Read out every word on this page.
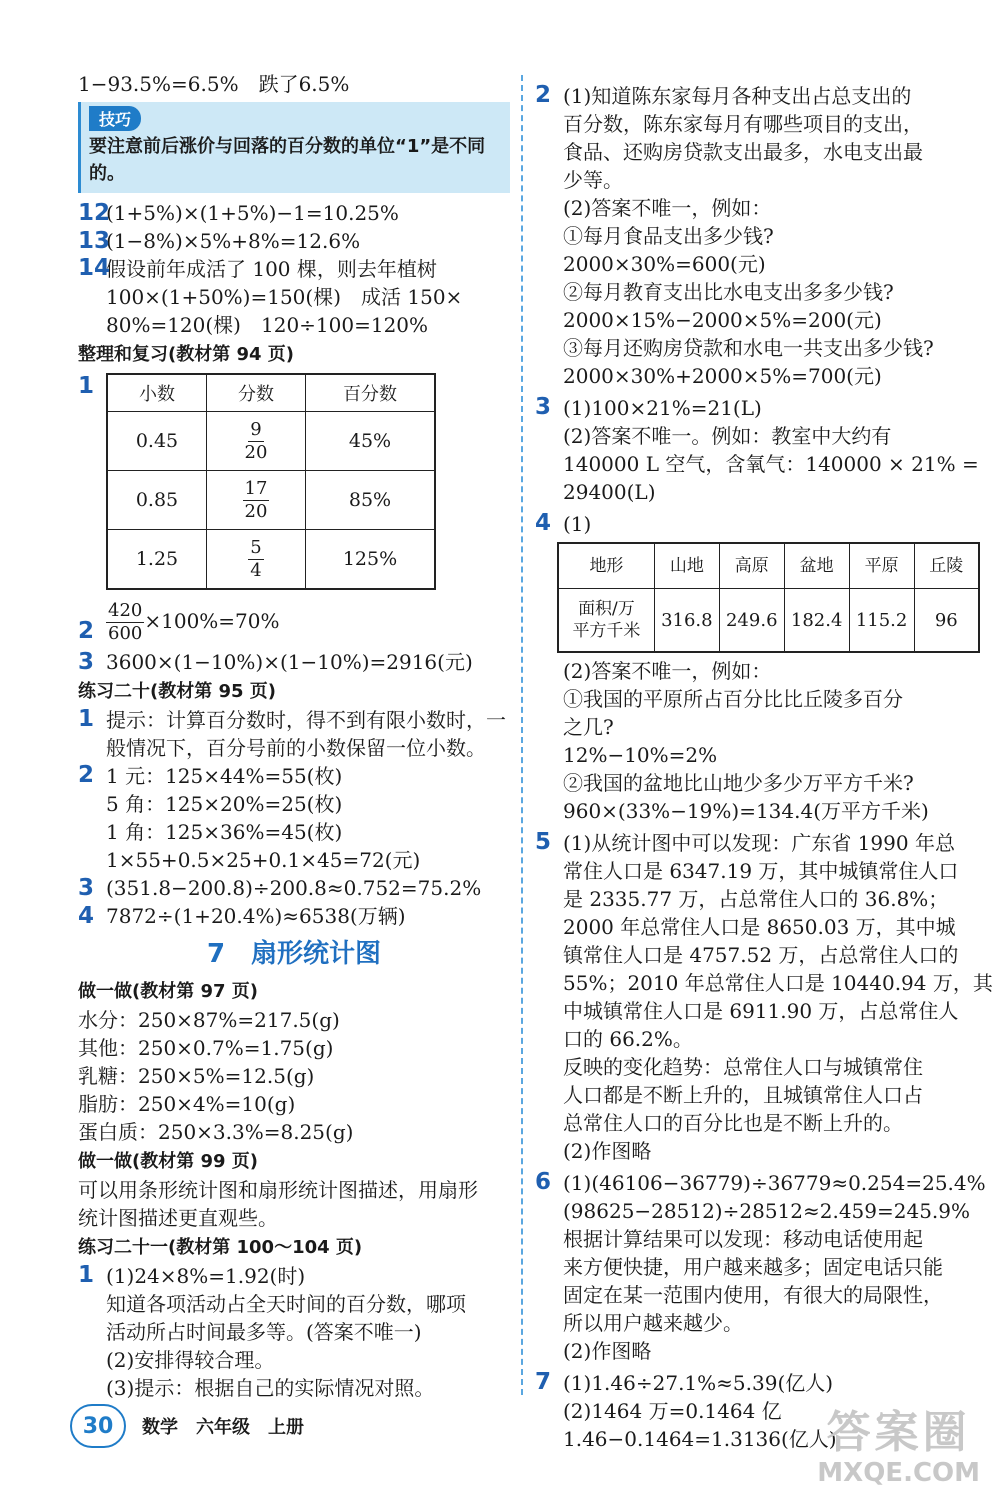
1−93.5%=6.5%　跌了6.5%
技巧
要注意前后涨价与回落的百分数的单位“1”是不同的。
12
(1+5%)×(1+5%)−1=10.25%
13
(1−8%)×5%+8%=12.6%
14
假设前年成活了 100 棵，则去年植树
100×(1+50%)=150(棵)　成活 150×
80%=120(棵)　120÷100=120%
整理和复习(教材第 94 页)
1 小数	分数	百分数
0.45	$\frac{9}{20}$	45%
0.85	$\frac{17}{20}$	85%
1.25	$\frac{5}{4}$	125%
$2 \frac{420}{600} \times 100\%=70\%$
3 3600×(1−10%)×(1−10%)=2916(元)
练习二十(教材第 95 页)
1 提示：计算百分数时，得不到有限小数时，一
般情况下，百分号前的小数保留一位小数。
2 1 元：125×44%=55(枚)
5 角：125×20%=25(枚)
1 角：125×36%=45(枚)
1×55+0.5×25+0.1×45=72(元)
3 (351.8−200.8)÷200.8≈0.752=75.2%
4 7872÷(1+20.4%)≈6538(万辆)
7　扇形统计图
做一做(教材第 97 页)
水分：250×87%=217.5(g)
其他：250×0.7%=1.75(g)
乳糖：250×5%=12.5(g)
脂肪：250×4%=10(g)
蛋白质：250×3.3%=8.25(g)
做一做(教材第 99 页)
可以用条形统计图和扇形统计图描述，用扇形
统计图描述更直观些。
练习二十一(教材第 100～104 页)
1 (1)24×8%=1.92(时)
知道各项活动占全天时间的百分数，哪项
活动所占时间最多等。(答案不唯一)
(2)安排得较合理。
(3)提示：根据自己的实际情况对照。
2 (1)知道陈东家每月各种支出占总支出的
百分数，陈东家每月有哪些项目的支出，
食品、还购房贷款支出最多，水电支出最
少等。
(2)答案不唯一，例如：
①每月食品支出多少钱?
2000×30%=600(元)
②每月教育支出比水电支出多多少钱?
2000×15%−2000×5%=200(元)
③每月还购房贷款和水电一共支出多少钱?
2000×30%+2000×5%=700(元)
3 (1)100×21%=21(L)
(2)答案不唯一。例如：教室中大约有
140000 L 空气，含氧气：140000 × 21% =
29400(L)
4 (1)
地形	山地	高原	盆地	平原	丘陵

面积/万
平方千米	316.8	249.6	182.4	115.2	96
(2)答案不唯一，例如：
①我国的平原所占百分比比丘陵多百分
之几?
12%−10%=2%
②我国的盆地比山地少多少万平方千米?
960×(33%−19%)=134.4(万平方千米)
5 (1)从统计图中可以发现：广东省 1990 年总
常住人口是 6347.19 万，其中城镇常住人口
是 2335.77 万，占总常住人口的 36.8%；
2000 年总常住人口是 8650.03 万，其中城
镇常住人口是 4757.52 万，占总常住人口的
55%；2010 年总常住人口是 10440.94 万，其
中城镇常住人口是 6911.90 万，占总常住人
口的 66.2%。
反映的变化趋势：总常住人口与城镇常住
人口都是不断上升的，且城镇常住人口占
总常住人口的百分比也是不断上升的。
(2)作图略
6 (1)(46106−36779)÷36779≈0.254=25.4%
(98625−28512)÷28512≈2.459=245.9%
根据计算结果可以发现：移动电话使用起
来方便快捷，用户越来越多；固定电话只能
固定在某一范围内使用，有很大的局限性，
所以用户越来越少。
(2)作图略
7 (1)1.46÷27.1%≈5.39(亿人)
(2)1464 万=0.1464 亿
1.46−0.1464=1.3136(亿人)
30	数学　六年级　上册	答案圈
MXQE.COM
